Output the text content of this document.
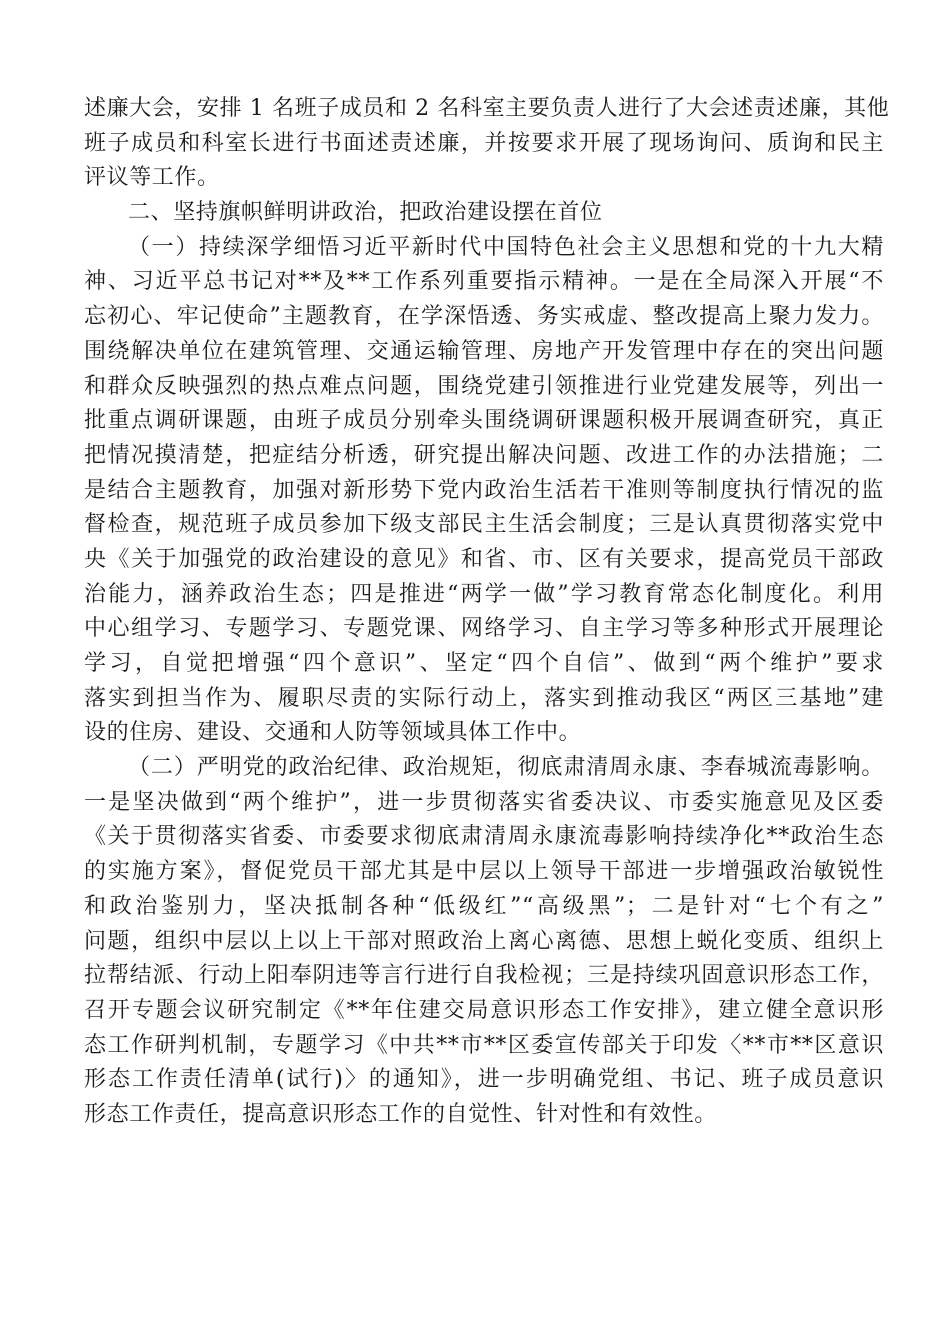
述廉大会，安排 1 名班子成员和 2 名科室主要负责人进行了大会述责述廉，其他
班子成员和科室长进行书面述责述廉，并按要求开展了现场询问、质询和民主
评议等工作。
二、坚持旗帜鲜明讲政治，把政治建设摆在首位
（一）持续深学细悟习近平新时代中国特色社会主义思想和党的十九大精
神、习近平总书记对**及**工作系列重要指示精神。一是在全局深入开展“不
忘初心、牢记使命”主题教育，在学深悟透、务实戒虚、整改提高上聚力发力。
围绕解决单位在建筑管理、交通运输管理、房地产开发管理中存在的突出问题
和群众反映强烈的热点难点问题，围绕党建引领推进行业党建发展等，列出一
批重点调研课题，由班子成员分别牵头围绕调研课题积极开展调查研究，真正
把情况摸清楚，把症结分析透，研究提出解决问题、改进工作的办法措施；二
是结合主题教育，加强对新形势下党内政治生活若干准则等制度执行情况的监
督检查，规范班子成员参加下级支部民主生活会制度；三是认真贯彻落实党中
央《关于加强党的政治建设的意见》和省、市、区有关要求，提高党员干部政
治能力，涵养政治生态；四是推进“两学一做”学习教育常态化制度化。利用
中心组学习、专题学习、专题党课、网络学习、自主学习等多种形式开展理论
学习，自觉把增强“四个意识”、坚定“四个自信”、做到“两个维护”要求
落实到担当作为、履职尽责的实际行动上，落实到推动我区“两区三基地”建
设的住房、建设、交通和人防等领域具体工作中。
（二）严明党的政治纪律、政治规矩，彻底肃清周永康、李春城流毒影响。
一是坚决做到“两个维护”，进一步贯彻落实省委决议、市委实施意见及区委
《关于贯彻落实省委、市委要求彻底肃清周永康流毒影响持续净化**政治生态
的实施方案》，督促党员干部尤其是中层以上领导干部进一步增强政治敏锐性
和政治鉴别力，坚决抵制各种“低级红”“高级黑”；二是针对“七个有之”
问题，组织中层以上以上干部对照政治上离心离德、思想上蜕化变质、组织上
拉帮结派、行动上阳奉阴违等言行进行自我检视；三是持续巩固意识形态工作，
召开专题会议研究制定《**年住建交局意识形态工作安排》，建立健全意识形
态工作研判机制，专题学习《中共**市**区委宣传部关于印发〈**市**区意识
形态工作责任清单(试行)〉的通知》，进一步明确党组、书记、班子成员意识
形态工作责任，提高意识形态工作的自觉性、针对性和有效性。
